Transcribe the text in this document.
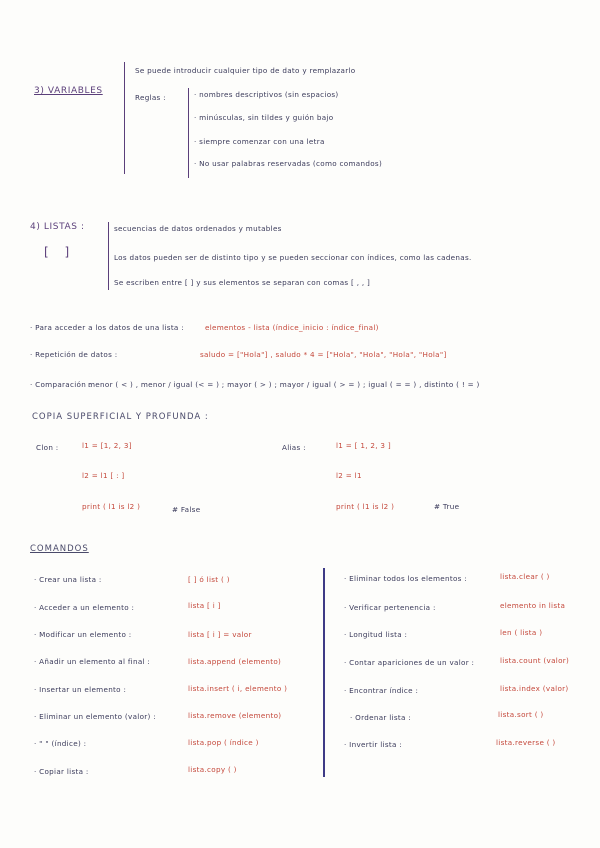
3) VARIABLES
Se puede introducir cualquier tipo de dato y remplazarlo
Reglas :	· nombres descriptivos (sin espacios)
· minúsculas, sin tildes y guión bajo
· siempre comenzar con una letra
· No usar palabras reservadas (como comandos)
4) LISTAS :
[ ]
secuencias de datos ordenados y mutables
Los datos pueden ser de distinto tipo y se pueden seccionar con índices, como las cadenas.
Se escriben entre [ ] y sus elementos se separan con comas [ , , ]
· Para acceder a los datos de una lista :	elementos - lista (índice_inicio : índice_final)
· Repetición de datos :	saludo = ["Hola"] , saludo * 4 = ["Hola", "Hola", "Hola", "Hola"]
· Comparación :
menor ( < ) , menor / igual (< = ) ; mayor ( > ) ; mayor / igual ( > = ) ; igual ( = = ) , distinto ( ! = )
COPIA SUPERFICIAL Y PROFUNDA :
Clon :	l1 = [1, 2, 3]
l2 = l1 [ : ]
print ( l1 is l2 )	# False
Alias :	l1 = [ 1, 2, 3 ]
l2 = l1
print ( l1 is l2 )	# True
COMANDOS
· Crear una lista :	[ ] ó list ( )
· Acceder a un elemento :	lista [ i ]
· Modificar un elemento :	lista [ i ] = valor
· Añadir un elemento al final :	lista.append (elemento)
· Insertar un elemento :	lista.insert ( i, elemento )
· Eliminar un elemento (valor) :	lista.remove (elemento)
· " " (índice) :	lista.pop ( índice )
· Copiar lista :	lista.copy ( )
· Eliminar todos los elementos :	lista.clear ( )
· Verificar pertenencia :	elemento in lista
· Longitud lista :	len ( lista )
· Contar apariciones de un valor :	lista.count (valor)
· Encontrar índice :	lista.index (valor)
· Ordenar lista :	lista.sort ( )
· Invertir lista :	lista.reverse ( )
